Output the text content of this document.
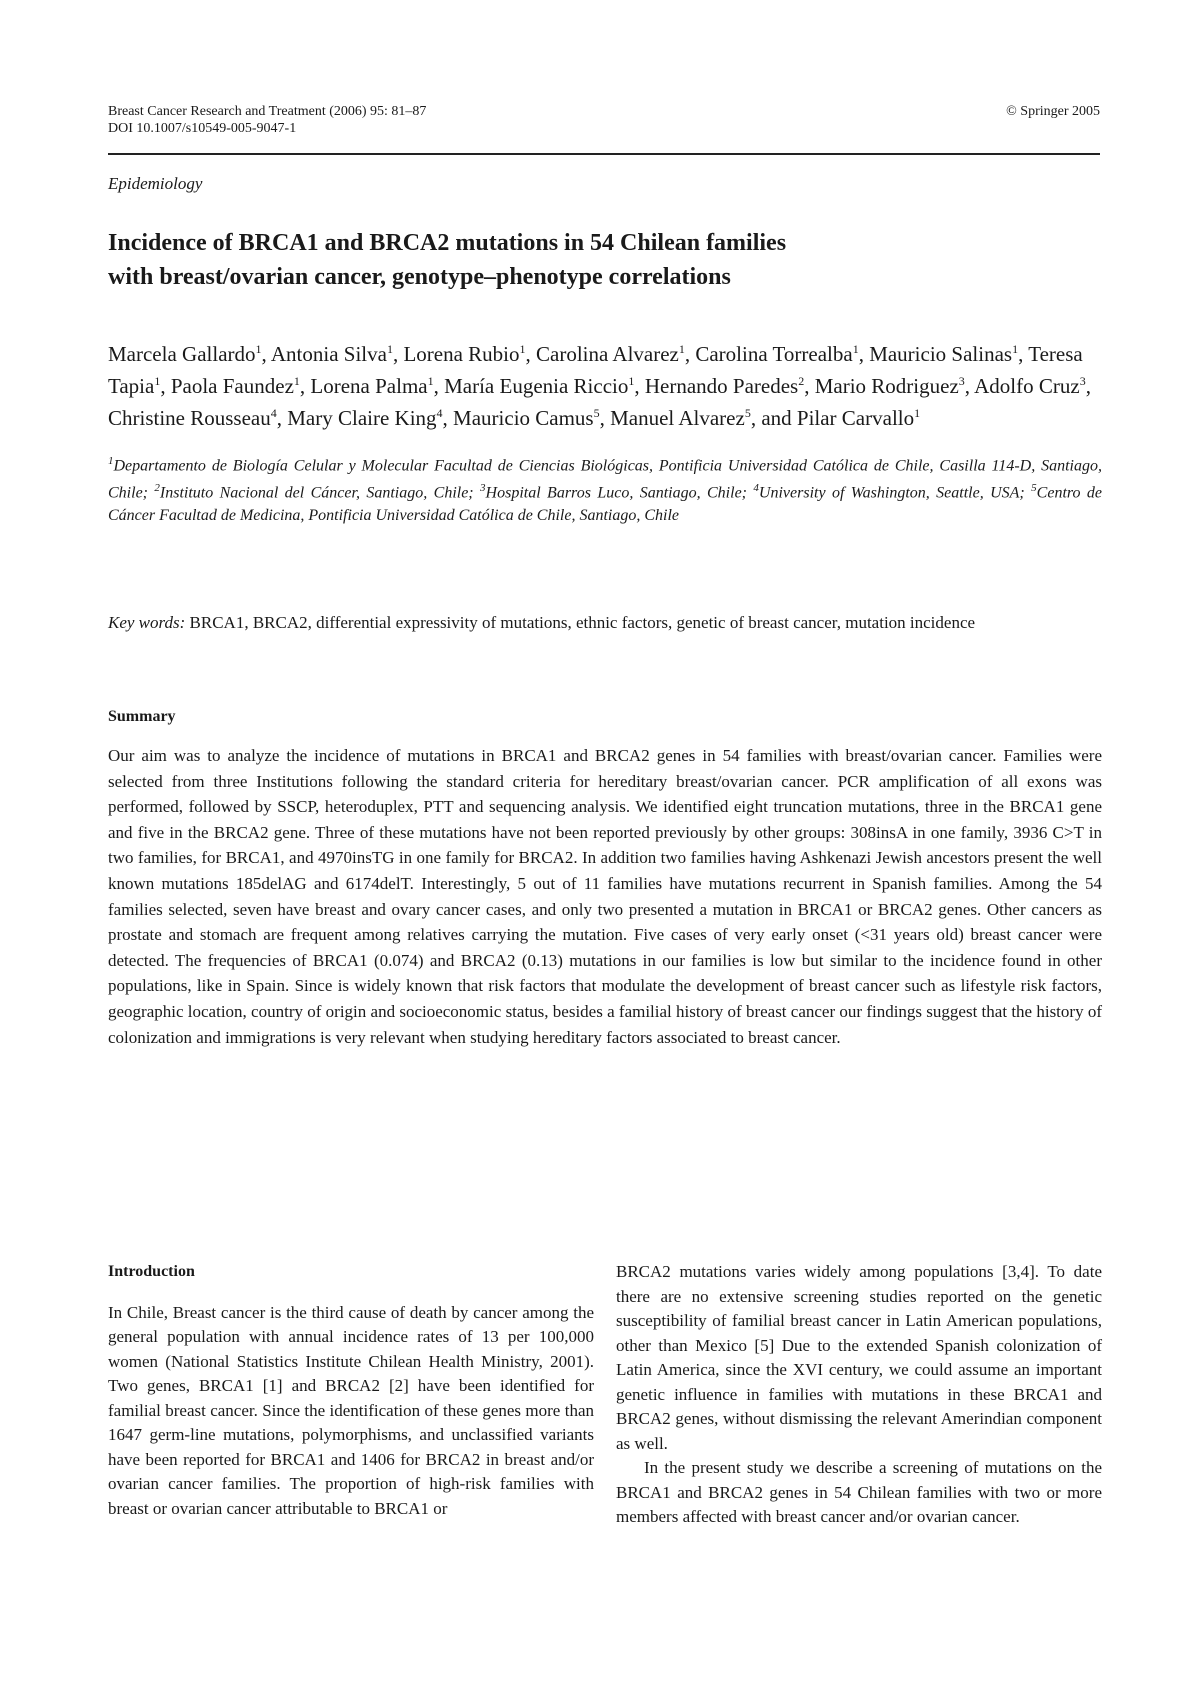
Breast Cancer Research and Treatment (2006) 95: 81–87
DOI 10.1007/s10549-005-9047-1
© Springer 2005
Epidemiology
Incidence of BRCA1 and BRCA2 mutations in 54 Chilean families
with breast/ovarian cancer, genotype–phenotype correlations
Marcela Gallardo$^1$, Antonia Silva$^1$, Lorena Rubio$^1$, Carolina Alvarez$^1$, Carolina Torrealba$^1$, Mauricio Salinas$^1$, Teresa Tapia$^1$, Paola Faundez$^1$, Lorena Palma$^1$, María Eugenia Riccio$^1$, Hernando Paredes$^2$, Mario Rodriguez$^3$, Adolfo Cruz$^3$, Christine Rousseau$^4$, Mary Claire King$^4$, Mauricio Camus$^5$, Manuel Alvarez$^5$, and Pilar Carvallo$^1$
$^1$Departamento de Biología Celular y Molecular Facultad de Ciencias Biológicas, Pontificia Universidad Católica de Chile, Casilla 114-D, Santiago, Chile; $^2$Instituto Nacional del Cáncer, Santiago, Chile; $^3$Hospital Barros Luco, Santiago, Chile; $^4$University of Washington, Seattle, USA; $^5$Centro de Cáncer Facultad de Medicina, Pontificia Universidad Católica de Chile, Santiago, Chile
Key words: BRCA1, BRCA2, differential expressivity of mutations, ethnic factors, genetic of breast cancer, mutation incidence
Summary

Our aim was to analyze the incidence of mutations in BRCA1 and BRCA2 genes in 54 families with breast/ovarian cancer. Families were selected from three Institutions following the standard criteria for hereditary breast/ovarian cancer. PCR amplification of all exons was performed, followed by SSCP, heteroduplex, PTT and sequencing analysis. We identified eight truncation mutations, three in the BRCA1 gene and five in the BRCA2 gene. Three of these mutations have not been reported previously by other groups: 308insA in one family, 3936 C>T in two families, for BRCA1, and 4970insTG in one family for BRCA2. In addition two families having Ashkenazi Jewish ancestors present the well known mutations 185delAG and 6174delT. Interestingly, 5 out of 11 families have mutations recurrent in Spanish families. Among the 54 families selected, seven have breast and ovary cancer cases, and only two presented a mutation in BRCA1 or BRCA2 genes. Other cancers as prostate and stomach are frequent among relatives carrying the mutation. Five cases of very early onset (<31 years old) breast cancer were detected. The frequencies of BRCA1 (0.074) and BRCA2 (0.13) mutations in our families is low but similar to the incidence found in other populations, like in Spain. Since is widely known that risk factors that modulate the development of breast cancer such as lifestyle risk factors, geographic location, country of origin and socioeconomic status, besides a familial history of breast cancer our findings suggest that the history of colonization and immigrations is very relevant when studying hereditary factors associated to breast cancer.

Introduction

In Chile, Breast cancer is the third cause of death by cancer among the general population with annual incidence rates of 13 per 100,000 women (National Statistics Institute Chilean Health Ministry, 2001). Two genes, BRCA1 [1] and BRCA2 [2] have been identified for familial breast cancer. Since the identification of these genes more than 1647 germ-line mutations, polymorphisms, and unclassified variants have been reported for BRCA1 and 1406 for BRCA2 in breast and/or ovarian cancer families. The proportion of high-risk families with breast or ovarian cancer attributable to BRCA1 or

BRCA2 mutations varies widely among populations [3,4]. To date there are no extensive screening studies reported on the genetic susceptibility of familial breast cancer in Latin American populations, other than Mexico [5] Due to the extended Spanish colonization of Latin America, since the XVI century, we could assume an important genetic influence in families with mutations in these BRCA1 and BRCA2 genes, without dismissing the relevant Amerindian component as well.

In the present study we describe a screening of mutations on the BRCA1 and BRCA2 genes in 54 Chilean families with two or more members affected with breast cancer and/or ovarian cancer.
